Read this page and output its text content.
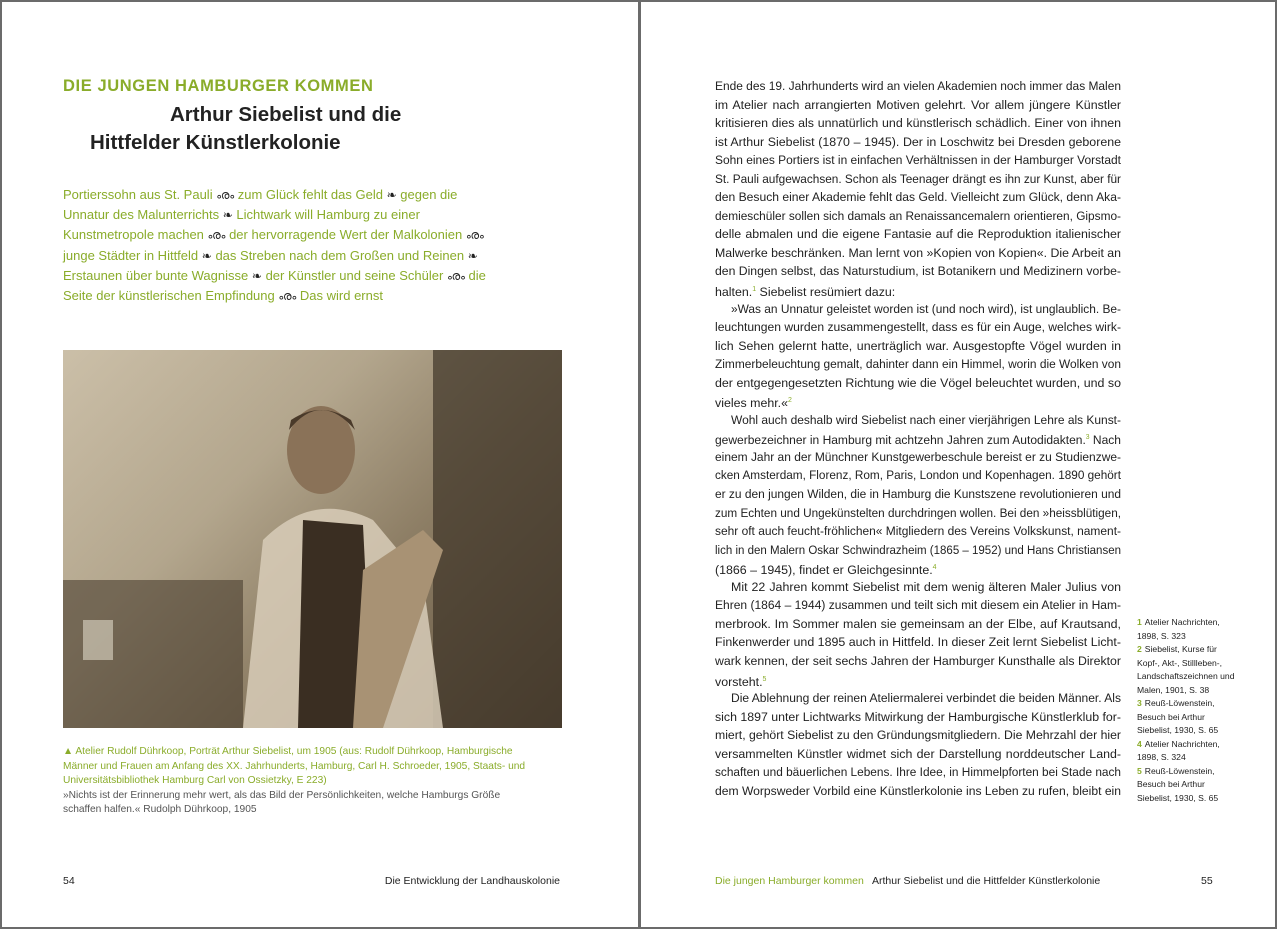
DIE JUNGEN HAMBURGER KOMMEN
Arthur Siebelist und die
Hittfelder Künstlerkolonie
Portierssohn aus St. Pauli ൟ zum Glück fehlt das Geld ❧ gegen die Unnatur des Malunterrichts ❧ Lichtwark will Hamburg zu einer Kunstmetropole machen ൟ der hervorragende Wert der Malkolonien ൟ junge Städter in Hittfeld ❧ das Streben nach dem Großen und Reinen ❧ Erstaunen über bunte Wagnisse ❧ der Künstler und seine Schüler ൟ die Seite der künstlerischen Empfindung ൟ Das wird ernst
▲ Atelier Rudolf Dührkoop, Porträt Arthur Siebelist, um 1905 (aus: Rudolf Dührkoop, Hamburgische Männer und Frauen am Anfang des XX. Jahrhunderts, Hamburg, Carl H. Schroeder, 1905, Staats- und Universitätsbibliothek Hamburg Carl von Ossietzky, E 223)
»Nichts ist der Erinnerung mehr wert, als das Bild der Persönlichkeiten, welche Hamburgs Größe schaffen halfen.« Rudolph Dührkoop, 1905
54	Die Entwicklung der Landhauskolonie
Ende des 19. Jahrhunderts wird an vielen Akademien noch immer das Malen
im Atelier nach arrangierten Motiven gelehrt. Vor allem jüngere Künstler
kritisieren dies als unnatürlich und künstlerisch schädlich. Einer von ihnen
ist Arthur Siebelist (1870 – 1945). Der in Loschwitz bei Dresden geborene
Sohn eines Portiers ist in einfachen Verhältnissen in der Hamburger Vorstadt
St. Pauli aufgewachsen. Schon als Teenager drängt es ihn zur Kunst, aber für
den Besuch einer Akademie fehlt das Geld. Vielleicht zum Glück, denn Aka-
demieschüler sollen sich damals an Renaissancemalern orientieren, Gipsmo-
delle abmalen und die eigene Fantasie auf die Reproduktion italienischer
Malwerke beschränken. Man lernt von »Kopien von Kopien«. Die Arbeit an
den Dingen selbst, das Naturstudium, ist Botanikern und Medizinern vorbe-
halten.$^1$ Siebelist resümiert dazu:
»Was an Unnatur geleistet worden ist (und noch wird), ist unglaublich. Be-
leuchtungen wurden zusammengestellt, dass es für ein Auge, welches wirk-
lich Sehen gelernt hatte, unerträglich war. Ausgestopfte Vögel wurden in
Zimmerbeleuchtung gemalt, dahinter dann ein Himmel, worin die Wolken von
der entgegengesetzten Richtung wie die Vögel beleuchtet wurden, und so
vieles mehr.«$^2$
Wohl auch deshalb wird Siebelist nach einer vierjährigen Lehre als Kunst-
gewerbezeichner in Hamburg mit achtzehn Jahren zum Autodidakten.$^3$ Nach
einem Jahr an der Münchner Kunstgewerbeschule bereist er zu Studienzwe-
cken Amsterdam, Florenz, Rom, Paris, London und Kopenhagen. 1890 gehört
er zu den jungen Wilden, die in Hamburg die Kunstszene revolutionieren und
zum Echten und Ungekünstelten durchdringen wollen. Bei den »heissblütigen,
sehr oft auch feucht-fröhlichen« Mitgliedern des Vereins Volkskunst, nament-
lich in den Malern Oskar Schwindrazheim (1865 – 1952) und Hans Christiansen
(1866 – 1945), findet er Gleichgesinnte.$^4$
Mit 22 Jahren kommt Siebelist mit dem wenig älteren Maler Julius von
Ehren (1864 – 1944) zusammen und teilt sich mit diesem ein Atelier in Ham-
merbrook. Im Sommer malen sie gemeinsam an der Elbe, auf Krautsand,
Finkenwerder und 1895 auch in Hittfeld. In dieser Zeit lernt Siebelist Licht-
wark kennen, der seit sechs Jahren der Hamburger Kunsthalle als Direktor
vorsteht.$^5$
Die Ablehnung der reinen Ateliermalerei verbindet die beiden Männer. Als
sich 1897 unter Lichtwarks Mitwirkung der Hamburgische Künstlerklub for-
miert, gehört Siebelist zu den Gründungsmitgliedern. Die Mehrzahl der hier
versammelten Künstler widmet sich der Darstellung norddeutscher Land-
schaften und bäuerlichen Lebens. Ihre Idee, in Himmelpforten bei Stade nach
dem Worpsweder Vorbild eine Künstlerkolonie ins Leben zu rufen, bleibt ein
1 Atelier Nachrichten, 1898, S. 323
2 Siebelist, Kurse für Kopf-, Akt-, Stillleben-, Landschaftszeichnen und Malen, 1901, S. 38
3 Reuß-Löwenstein, Besuch bei Arthur Siebelist, 1930, S. 65
4 Atelier Nachrichten, 1898, S. 324
5 Reuß-Löwenstein, Besuch bei Arthur Siebelist, 1930, S. 65
Die jungen Hamburger kommen Arthur Siebelist und die Hittfelder Künstlerkolonie	55
